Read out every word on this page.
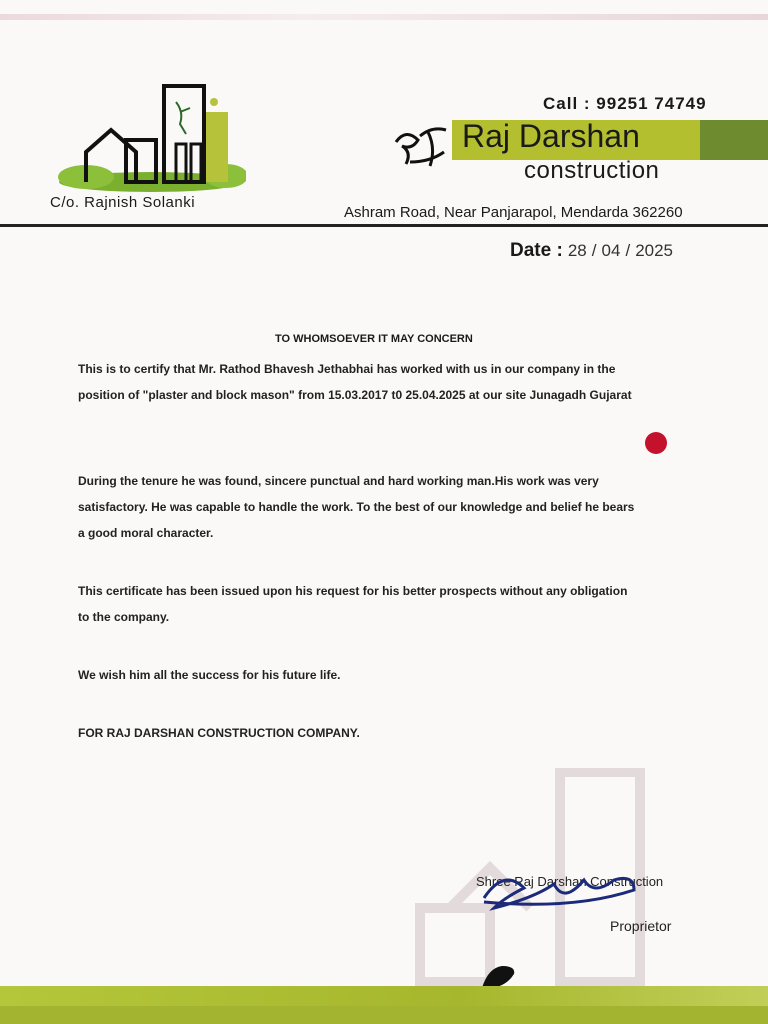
C/o. Rajnish Solanki
Call : 99251 74749
Raj Darshan
construction
Ashram Road, Near Panjarapol, Mendarda 362260
Date : 28 / 04 / 2025
TO WHOMSOEVER IT MAY CONCERN
This is to certify that Mr. Rathod Bhavesh Jethabhai has worked with us in our company in the position of "plaster and block mason" from 15.03.2017 t0 25.04.2025 at our site Junagadh Gujarat
During the tenure he was found, sincere punctual and hard working man.His work was very satisfactory. He was capable to handle the work. To the best of our knowledge and belief he bears a good moral character.
This certificate has been issued upon his request for his better prospects without any obligation to the company.
We wish him all the success for his future life.
FOR RAJ DARSHAN CONSTRUCTION COMPANY.
Shree Raj Darshan Construction
Proprietor
